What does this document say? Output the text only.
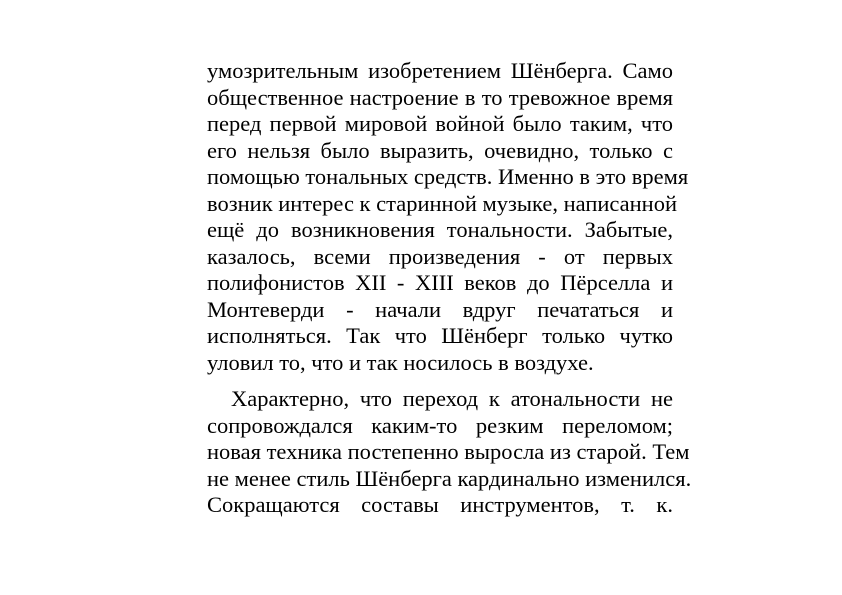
умозрительным изобретением Шёнберга. Само
общественное настроение в то тревожное время
перед первой мировой войной было таким, что
его нельзя было выразить, очевидно, только с
помощью тональных средств. Именно в это время
возник интерес к старинной музыке, написанной
ещё до возникновения тональности. Забытые,
казалось, всеми произведения - от первых
полифонистов XII - XIII веков до Пёрселла и
Монтеверди - начали вдруг печататься и
исполняться. Так что Шёнберг только чутко
уловил то, что и так носилось в воздухе.
Характерно, что переход к атональности не
сопровождался каким-то резким переломом;
новая техника постепенно выросла из старой. Тем
не менее стиль Шёнберга кардинально изменился.
Сокращаются составы инструментов, т. к.
